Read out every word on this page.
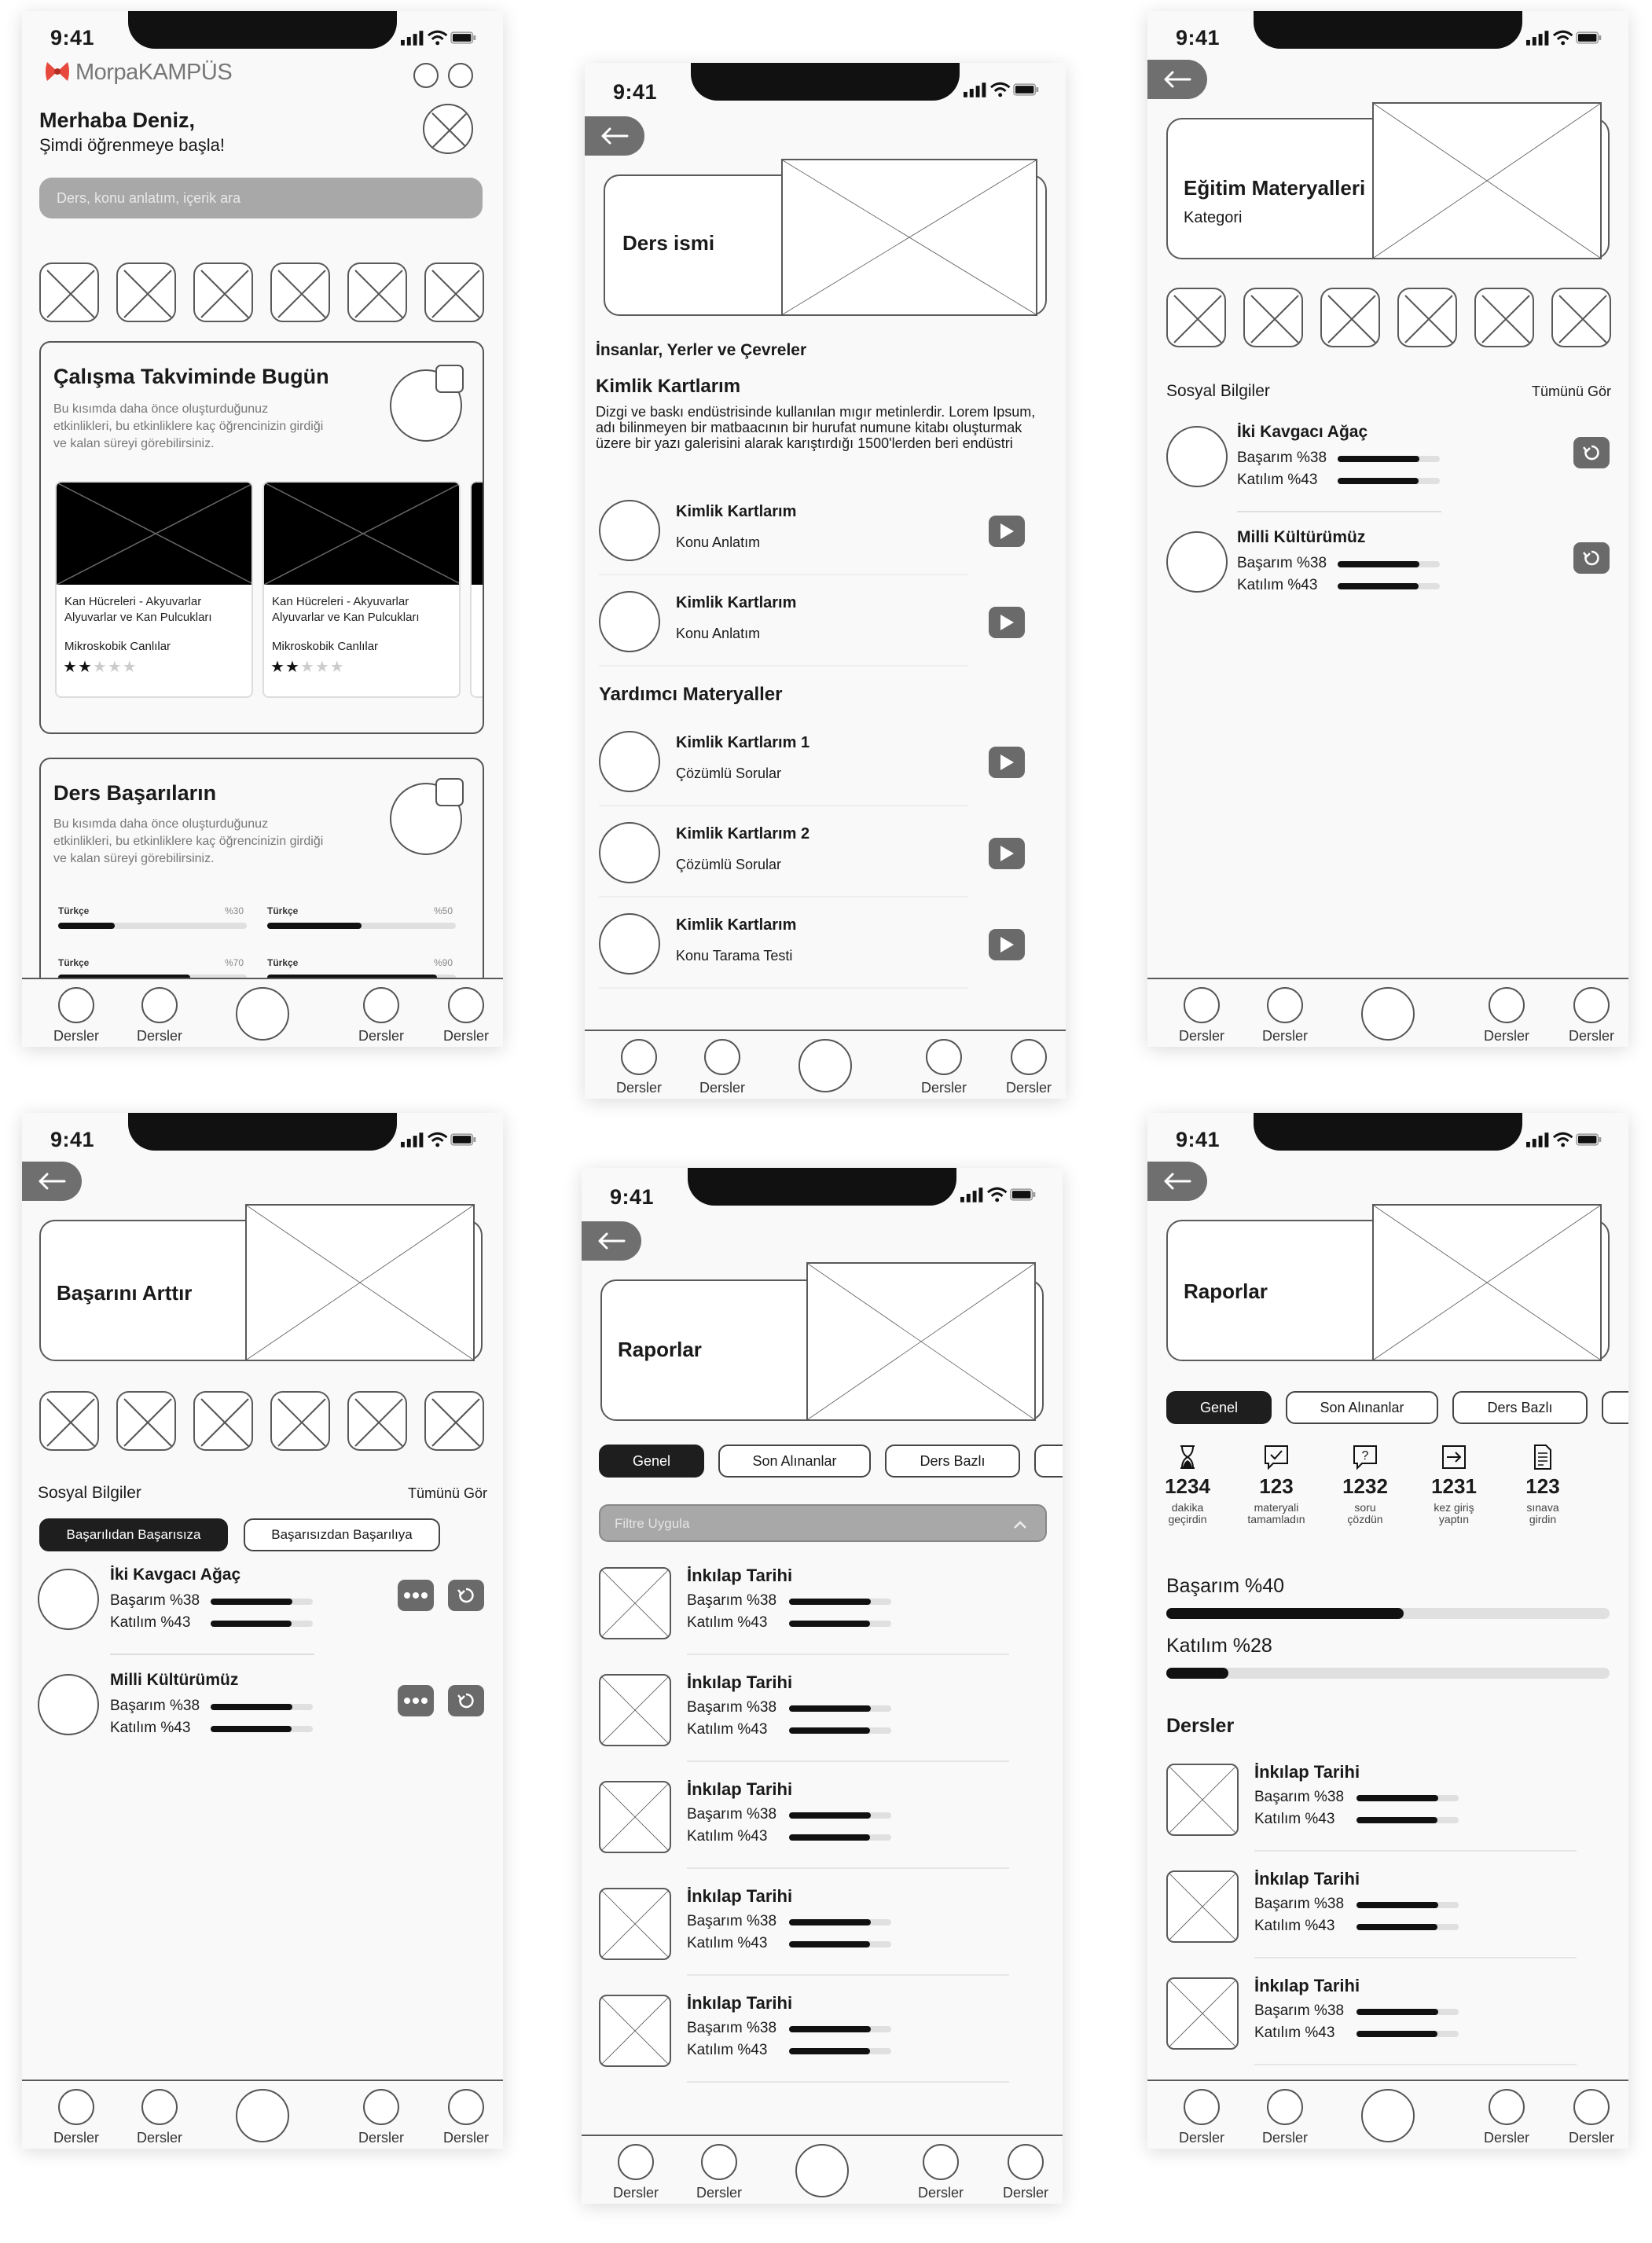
9:41
MorpaKAMPÜS
Merhaba Deniz,
Şimdi öğrenmeye başla!
Ders, konu anlatım, içerik ara
Çalışma Takviminde Bugün
Bu kısımda daha önce oluşturduğunuz etkinlikleri, bu etkinliklere kaç öğrencinizin girdiği ve kalan süreyi görebilirsiniz.
Kan Hücreleri - Akyuvarlar Alyuvarlar ve Kan Pulcukları
Mikroskobik Canlılar
★★★★★
Kan Hücreleri - Akyuvarlar Alyuvarlar ve Kan Pulcukları
Mikroskobik Canlılar
★★★★★
Ders Başarıların
Bu kısımda daha önce oluşturduğunuz etkinlikleri, bu etkinliklere kaç öğrencinizin girdiği ve kalan süreyi görebilirsiniz.
Türkçe	%30 Türkçe	%50
Türkçe	%70 Türkçe	%90
Dersler	Dersler	Dersler	Dersler
9:41
Ders ismi
İnsanlar, Yerler ve Çevreler
Kimlik Kartlarım
Dizgi ve baskı endüstrisinde kullanılan mıgır metinlerdir. Lorem Ipsum, adı bilinmeyen bir matbaacının bir hurufat numune kitabı oluşturmak üzere bir yazı galerisini alarak karıştırdığı 1500'lerden beri endüstri
Kimlik Kartlarım
Konu Anlatım
Kimlik Kartlarım
Konu Anlatım
Yardımcı Materyaller
Kimlik Kartlarım 1
Çözümlü Sorular
Kimlik Kartlarım 2
Çözümlü Sorular
Kimlik Kartlarım
Konu Tarama Testi
Dersler	Dersler	Dersler	Dersler
9:41
Eğitim Materyalleri
Kategori
Sosyal Bilgiler	Tümünü Gör
İki Kavgacı Ağaç
Başarım %38
Katılım %43
Milli Kültürümüz
Başarım %38
Katılım %43
Dersler	Dersler	Dersler	Dersler
9:41
Başarını Arttır
Sosyal Bilgiler	Tümünü Gör
Başarılıdan Başarısıza	Başarısızdan Başarılıya
İki Kavgacı Ağaç
Başarım %38
Katılım %43
Milli Kültürümüz
Başarım %38
Katılım %43
Dersler	Dersler	Dersler	Dersler
9:41
Raporlar
Genel	Son Alınanlar	Ders Bazlı
Filtre Uygula
İnkılap Tarihi
Başarım %38
Katılım %43
İnkılap Tarihi
Başarım %38
Katılım %43
İnkılap Tarihi
Başarım %38
Katılım %43
İnkılap Tarihi
Başarım %38
Katılım %43
İnkılap Tarihi
Başarım %38
Katılım %43
Dersler	Dersler	Dersler	Dersler
9:41
Raporlar
Genel	Son Alınanlar	Ders Bazlı
1234
dakika
geçirdin
123
materyali
tamamladın
?
1232
soru
çözdün
1231
kez giriş
yaptın
123
sınava
girdin
Başarım %40
Katılım %28
Dersler
İnkılap Tarihi
Başarım %38
Katılım %43
İnkılap Tarihi
Başarım %38
Katılım %43
İnkılap Tarihi
Başarım %38
Katılım %43
Dersler	Dersler	Dersler	Dersler
